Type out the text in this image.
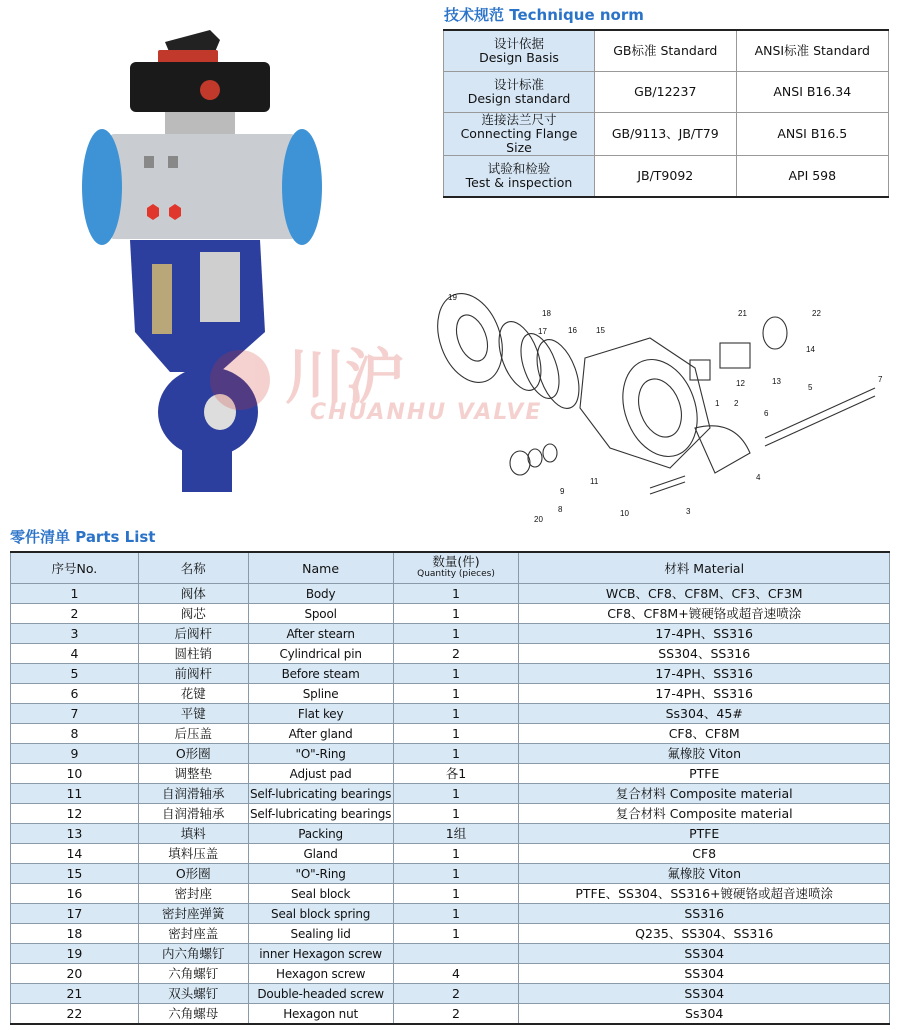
川沪
CHUANHU VALVE
技术规范 Technique norm
设计依据
Design Basis	GB标准 Standard	ANSI标准 Standard

设计标准
Design standard	GB/12237	ANSI B16.34

连接法兰尺寸
Connecting Flange Size	GB/9113、JB/T79	ANSI B16.5

试验和检验
Test & inspection	JB/T9092	API 598
1 2
3
4
5
6
7
8
9
10
11
12	13
14
15
16
17
18
19
20
21	22
零件清单 Parts List
序号No.	名称	Name	数量(件)
Quantity (pieces)	材料 Material
1	阀体	Body	1	WCB、CF8、CF8M、CF3、CF3M
2	阀芯	Spool	1	CF8、CF8M+镀硬铬或超音速喷涂
3	后阀杆	After stearn	1	17-4PH、SS316
4	圆柱销	Cylindrical pin	2	SS304、SS316
5	前阀杆	Before steam	1	17-4PH、SS316
6	花键	Spline	1	17-4PH、SS316
7	平键	Flat key	1	Ss304、45#
8	后压盖	After gland	1	CF8、CF8M
9	O形圈	"O"-Ring	1	氟橡胶 Viton
10	调整垫	Adjust pad	各1	PTFE
11	自润滑轴承	Self-lubricating bearings	1	复合材料 Composite material
12	自润滑轴承	Self-lubricating bearings	1	复合材料 Composite material
13	填料	Packing	1组	PTFE
14	填料压盖	Gland	1	CF8
15	O形圈	"O"-Ring	1	氟橡胶 Viton
16	密封座	Seal block	1	PTFE、SS304、SS316+镀硬铬或超音速喷涂
17	密封座弹簧	Seal block spring	1	SS316
18	密封座盖	Sealing lid	1	Q235、SS304、SS316
19	内六角螺钉	inner Hexagon screw		SS304
20	六角螺钉	Hexagon screw	4	SS304
21	双头螺钉	Double-headed screw	2	SS304
22	六角螺母	Hexagon nut	2	Ss304
